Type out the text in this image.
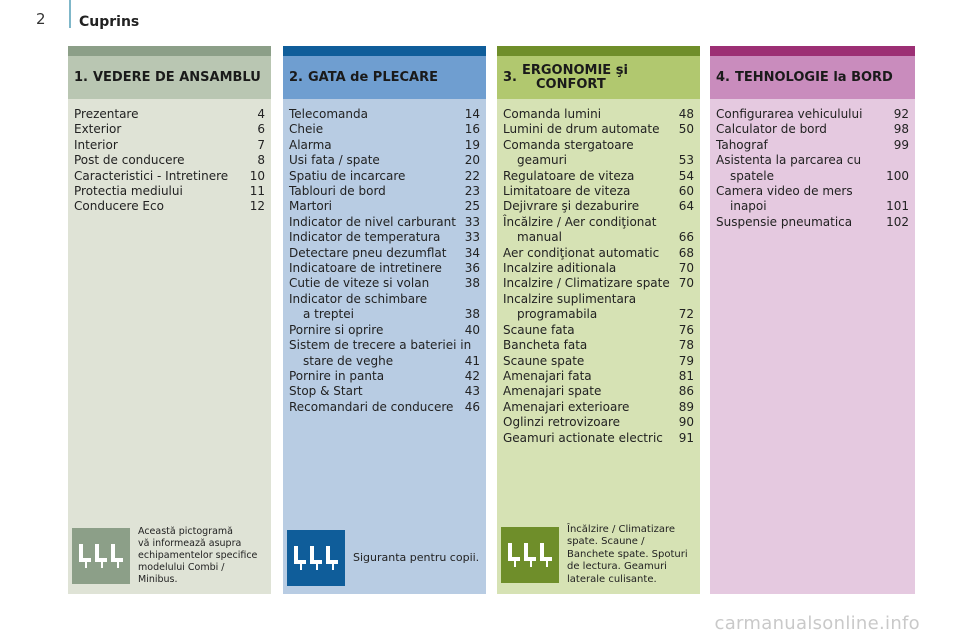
2 Cuprins
1. VEDERE DE ANSAMBLU
Prezentare	4
Exterior	6
Interior	7
Post de conducere	8
Caracteristici - Intretinere	10
Protectia mediului	11
Conducere Eco	12
Această pictogramă
vă informează asupra
echipamentelor specifice
modelului Combi / Minibus.
2. GATA de PLECARE
Telecomanda	14
Cheie	16
Alarma	19
Usi fata / spate	20
Spatiu de incarcare	22
Tablouri de bord	23
Martori	25
Indicator de nivel carburant 33
Indicator de temperatura	33
Detectare pneu dezumflat	34
Indicatoare de intretinere	36
Cutie de viteze si volan	38
Indicator de schimbare
a treptei	38
Pornire si oprire	40
Sistem de trecere a bateriei in
stare de veghe	41
Pornire in panta	42
Stop & Start	43
Recomandari de conducere 46
Siguranta pentru copii.
3. ERGONOMIE şi
CONFORT
Comanda lumini	48
Lumini de drum automate	50
Comanda stergatoare
geamuri	53
Regulatoare de viteza	54
Limitatoare de viteza	60
Dejivrare şi dezaburire	64
Încălzire / Aer condiţionat
manual	66
Aer condiţionat automatic	68
Incalzire aditionala	70
Incalzire / Climatizare spate 70
Incalzire suplimentara
programabila	72
Scaune fata	76
Bancheta fata	78
Scaune spate	79
Amenajari fata	81
Amenajari spate	86
Amenajari exterioare	89
Oglinzi retrovizoare	90
Geamuri actionate electric	91
Încălzire / Climatizare
spate. Scaune /
Banchete spate. Spoturi
de lectura. Geamuri
laterale culisante.
4. TEHNOLOGIE la BORD
Configurarea vehiculului	92
Calculator de bord	98
Tahograf	99
Asistenta la parcarea cu
spatele	100
Camera video de mers
inapoi	101
Suspensie pneumatica	102
carmanualsonline.info
